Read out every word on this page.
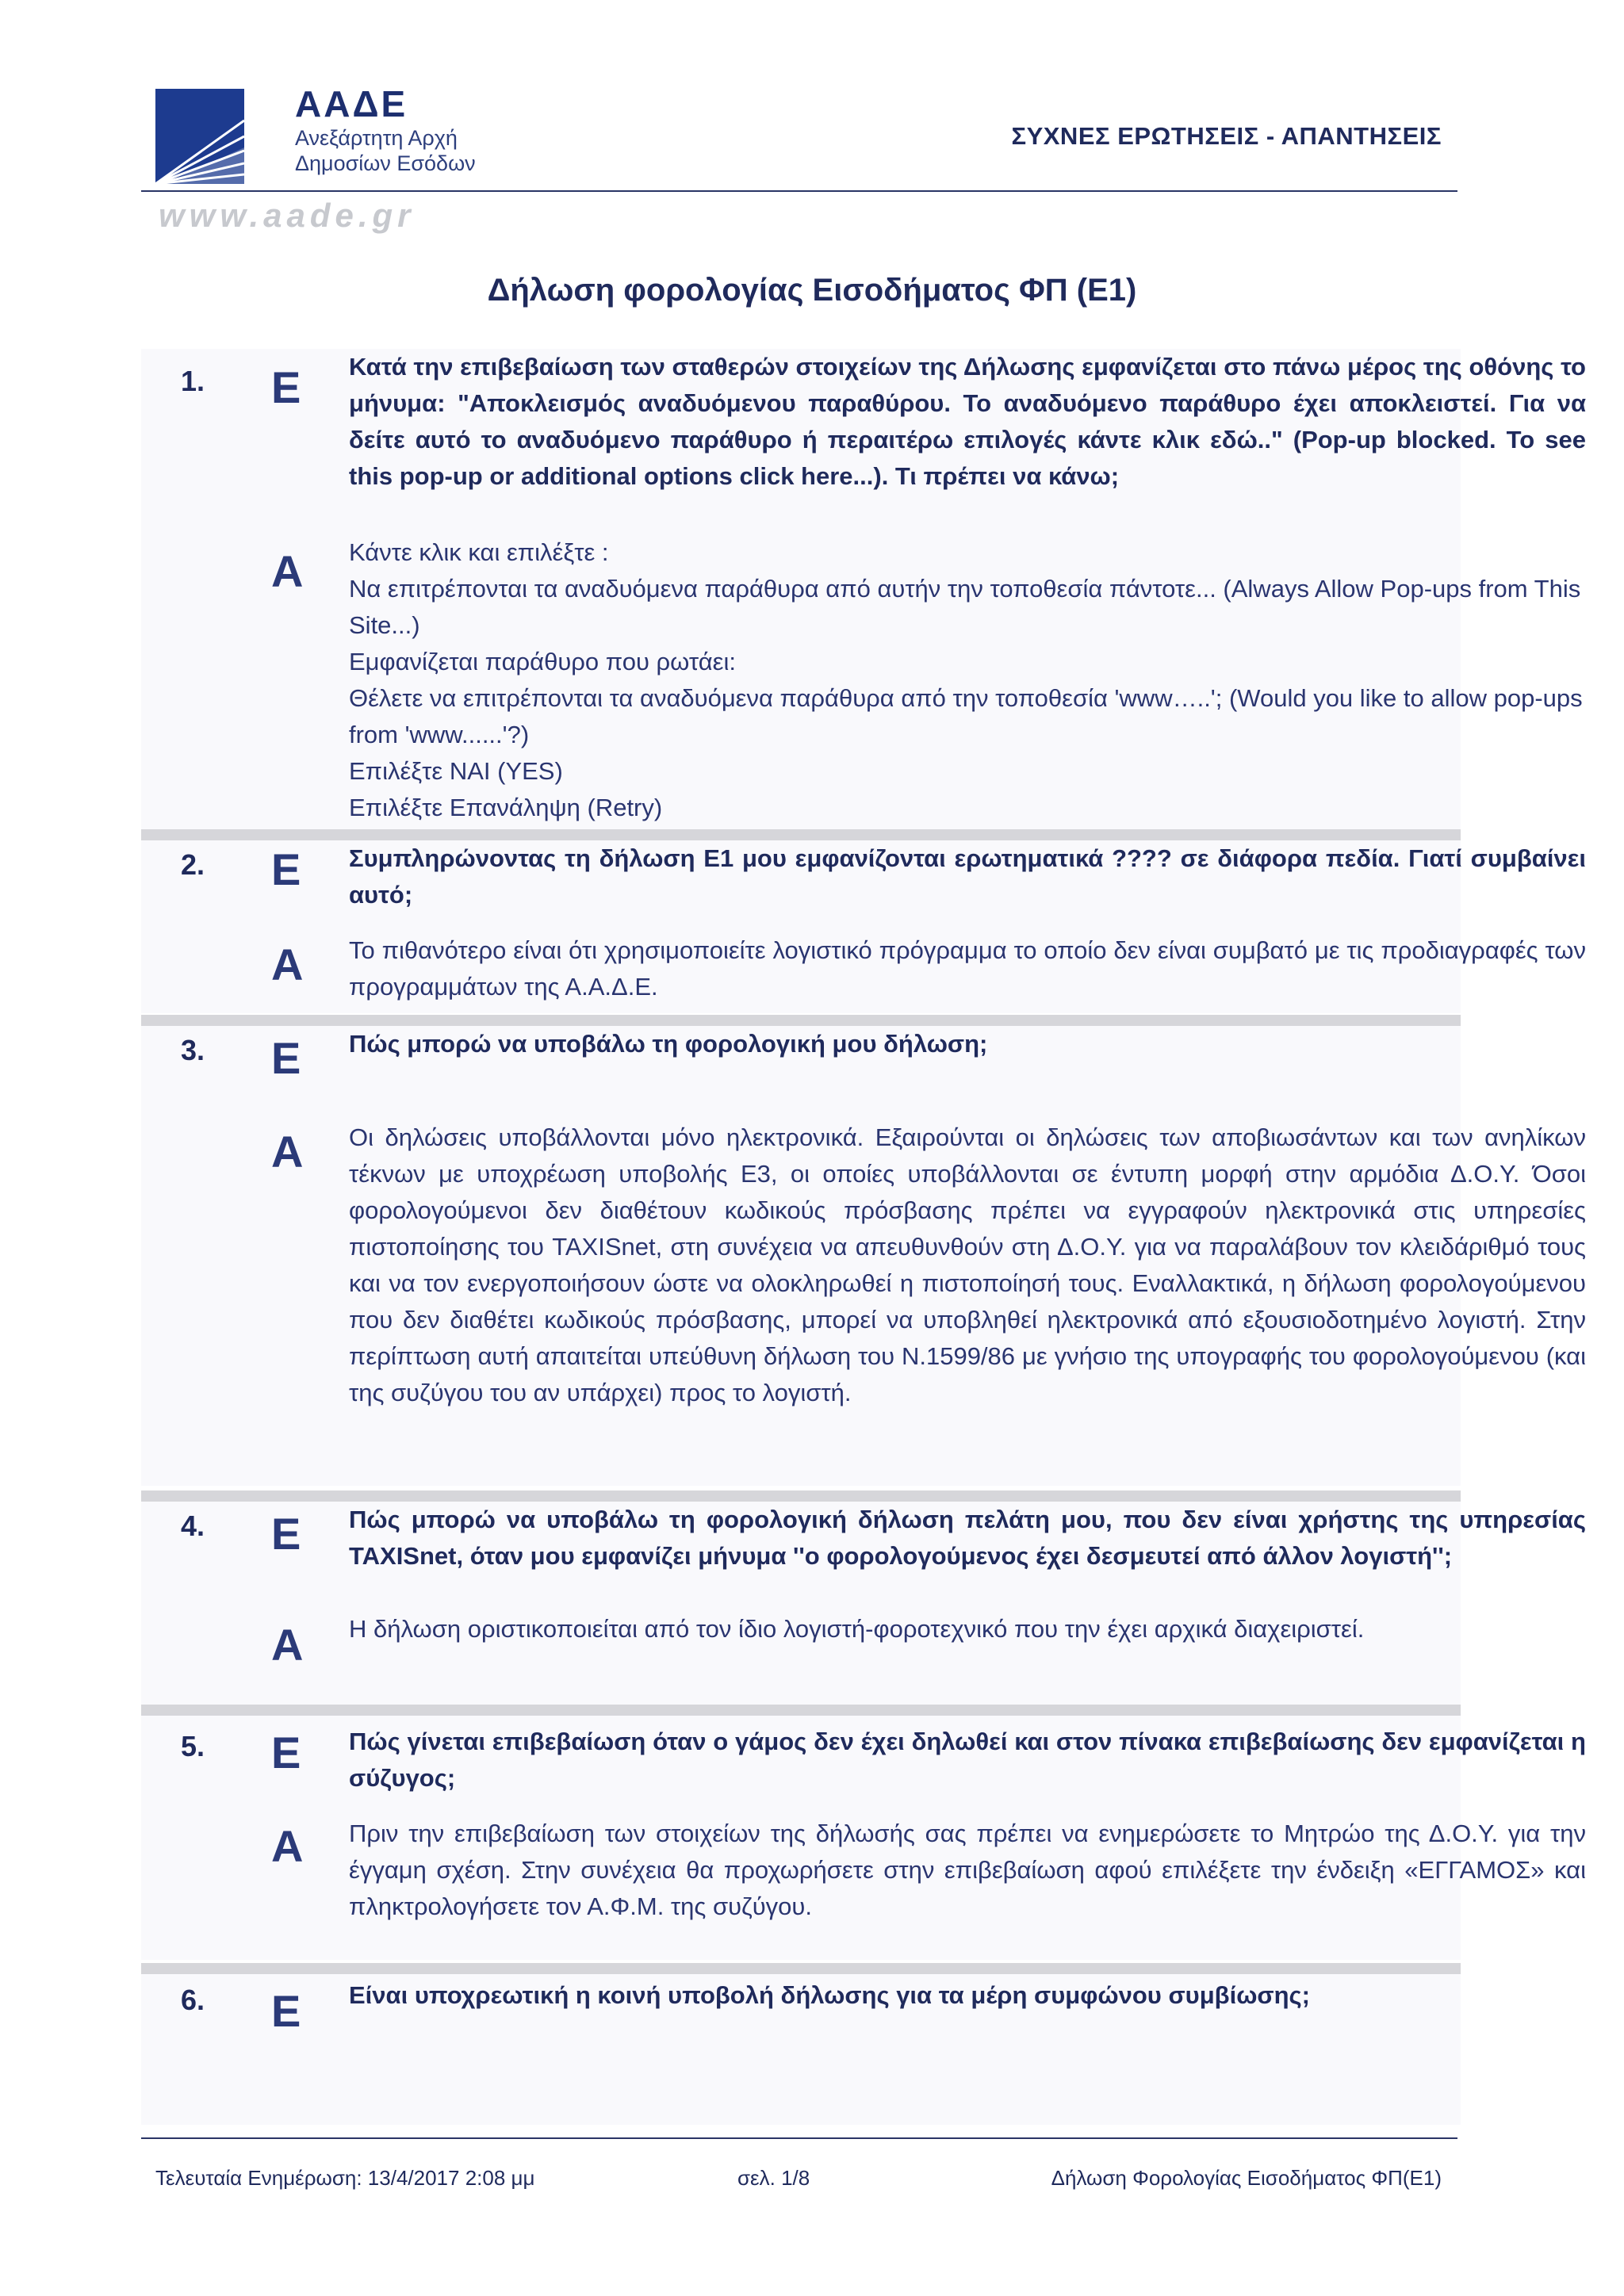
ΑΑΔΕ
Ανεξάρτητη Αρχή
Δημοσίων Εσόδων
ΣΥΧΝΕΣ ΕΡΩΤΗΣΕΙΣ - ΑΠΑΝΤΗΣΕΙΣ
www.aade.gr
Δήλωση φορολογίας Εισοδήματος ΦΠ (Ε1)
1. Ε Κατά την επιβεβαίωση των σταθερών στοιχείων της Δήλωσης εμφανίζεται στο πάνω μέρος της οθόνης το μήνυμα: "Αποκλεισμός αναδυόμενου παραθύρου. Το αναδυόμενο παράθυρο έχει αποκλειστεί. Για να δείτε αυτό το αναδυόμενο παράθυρο ή περαιτέρω επιλογές κάντε κλικ εδώ.." (Pop-up blocked. To see this pop-up or additional options click here...). Τι πρέπει να κάνω;
Α Κάντε κλικ και επιλέξτε :

Να επιτρέπονται τα αναδυόμενα παράθυρα από αυτήν την τοποθεσία πάντοτε... (Always Allow Pop-ups from This Site...)

Εμφανίζεται παράθυρο που ρωτάει:

Θέλετε να επιτρέπονται τα αναδυόμενα παράθυρα από την τοποθεσία 'www…..'; (Would you like to allow pop-ups from 'www......'?)

Επιλέξτε ΝΑΙ (YES)

Επιλέξτε Επανάληψη (Retry)

2. Ε Συμπληρώνοντας τη δήλωση Ε1 μου εμφανίζονται ερωτηματικά ???? σε διάφορα πεδία. Γιατί συμβαίνει αυτό;
Α Το πιθανότερο είναι ότι χρησιμοποιείτε λογιστικό πρόγραμμα το οποίο δεν είναι συμβατό με τις προδιαγραφές των προγραμμάτων της Α.Α.Δ.Ε.
3. Ε Πώς μπορώ να υποβάλω τη φορολογική μου δήλωση;
Α Οι δηλώσεις υποβάλλονται μόνο ηλεκτρονικά. Εξαιρούνται οι δηλώσεις των αποβιωσάντων και των ανηλίκων τέκνων με υποχρέωση υποβολής Ε3, οι οποίες υποβάλλονται σε έντυπη μορφή στην αρμόδια Δ.Ο.Υ. Όσοι φορολογούμενοι δεν διαθέτουν κωδικούς πρόσβασης πρέπει να εγγραφούν ηλεκτρονικά στις υπηρεσίες πιστοποίησης του TAXISnet, στη συνέχεια να απευθυνθούν στη Δ.Ο.Υ. για να παραλάβουν τον κλειδάριθμό τους και να τον ενεργοποιήσουν ώστε να ολοκληρωθεί η πιστοποίησή τους. Εναλλακτικά, η δήλωση φορολογούμενου που δεν διαθέτει κωδικούς πρόσβασης, μπορεί να υποβληθεί ηλεκτρονικά από εξουσιοδοτημένο λογιστή. Στην περίπτωση αυτή απαιτείται υπεύθυνη δήλωση του Ν.1599/86 με γνήσιο της υπογραφής του φορολογούμενου (και της συζύγου του αν υπάρχει) προς το λογιστή.
4. Ε Πώς μπορώ να υποβάλω τη φορολογική δήλωση πελάτη μου, που δεν είναι χρήστης της υπηρεσίας TAXISnet, όταν μου εμφανίζει μήνυμα ''ο φορολογούμενος έχει δεσμευτεί από άλλον λογιστή'';
Α Η δήλωση οριστικοποιείται από τον ίδιο λογιστή-φοροτεχνικό που την έχει αρχικά διαχειριστεί.
5. Ε Πώς γίνεται επιβεβαίωση όταν ο γάμος δεν έχει δηλωθεί και στον πίνακα επιβεβαίωσης δεν εμφανίζεται η σύζυγος;
Α Πριν την επιβεβαίωση των στοιχείων της δήλωσής σας πρέπει να ενημερώσετε το Μητρώο της Δ.Ο.Υ. για την έγγαμη σχέση. Στην συνέχεια θα προχωρήσετε στην επιβεβαίωση αφού επιλέξετε την ένδειξη «ΕΓΓΑΜΟΣ» και πληκτρολογήσετε τον Α.Φ.Μ. της συζύγου.
6. Ε Είναι υποχρεωτική η κοινή υποβολή δήλωσης για τα μέρη συμφώνου συμβίωσης;
Τελευταία Ενημέρωση: 13/4/2017 2:08 μμ	σελ. 1/8	Δήλωση Φορολογίας Εισοδήματος ΦΠ(Ε1)
